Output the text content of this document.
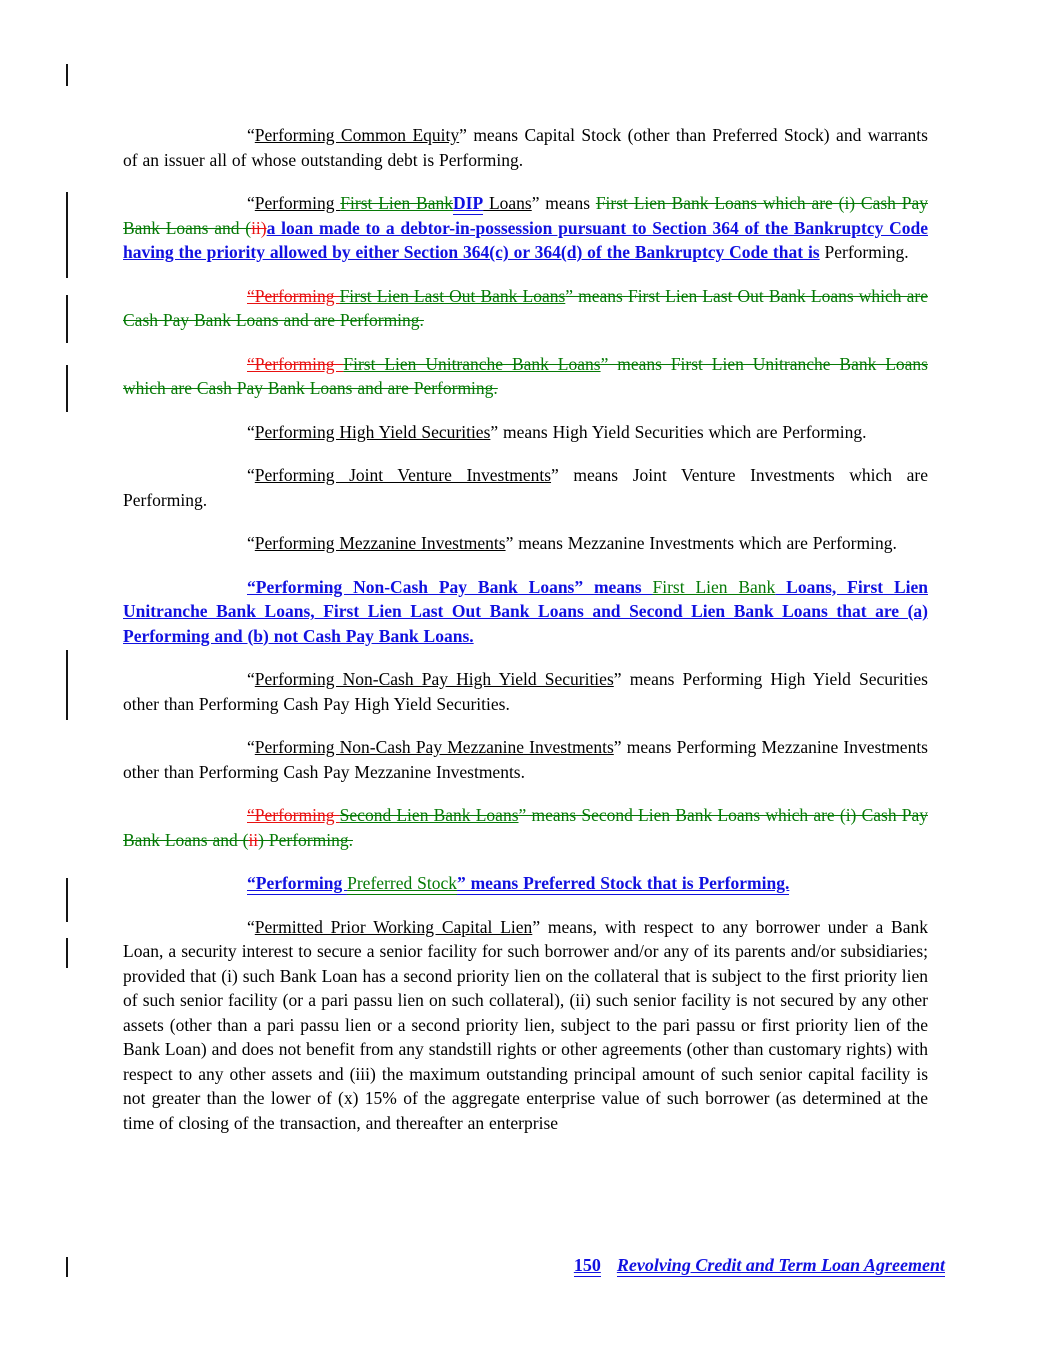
“Performing Common Equity” means Capital Stock (other than Preferred Stock) and warrants of an issuer all of whose outstanding debt is Performing.

“Performing First Lien BankDIP Loans” means First Lien Bank Loans which are (i) Cash Pay Bank Loans and (ii)a loan made to a debtor-in-possession pursuant to Section 364 of the Bankruptcy Code having the priority allowed by either Section 364(c) or 364(d) of the Bankruptcy Code that is Performing.

“Performing First Lien Last Out Bank Loans” means First Lien Last Out Bank Loans which are Cash Pay Bank Loans and are Performing.

“Performing First Lien Unitranche Bank Loans” means First Lien Unitranche Bank Loans which are Cash Pay Bank Loans and are Performing.

“Performing High Yield Securities” means High Yield Securities which are Performing.

“Performing Joint Venture Investments” means Joint Venture Investments which are Performing.

“Performing Mezzanine Investments” means Mezzanine Investments which are Performing.

“Performing Non-Cash Pay Bank Loans” means First Lien Bank Loans, First Lien Unitranche Bank Loans, First Lien Last Out Bank Loans and Second Lien Bank Loans that are (a) Performing and (b) not Cash Pay Bank Loans.

“Performing Non-Cash Pay High Yield Securities” means Performing High Yield Securities other than Performing Cash Pay High Yield Securities.

“Performing Non-Cash Pay Mezzanine Investments” means Performing Mezzanine Investments other than Performing Cash Pay Mezzanine Investments.

“Performing Second Lien Bank Loans” means Second Lien Bank Loans which are (i) Cash Pay Bank Loans and (ii) Performing.

“Performing Preferred Stock” means Preferred Stock that is Performing.

“Permitted Prior Working Capital Lien” means, with respect to any borrower under a Bank Loan, a security interest to secure a senior facility for such borrower and/or any of its parents and/or subsidiaries; provided that (i) such Bank Loan has a second priority lien on the collateral that is subject to the first priority lien of such senior facility (or a pari passu lien on such collateral), (ii) such senior facility is not secured by any other assets (other than a pari passu lien or a second priority lien, subject to the pari passu or first priority lien of the Bank Loan) and does not benefit from any standstill rights or other agreements (other than customary rights) with respect to any other assets and (iii) the maximum outstanding principal amount of such senior capital facility is not greater than the lower of (x) 15% of the aggregate enterprise value of such borrower (as determined at the time of closing of the transaction, and thereafter an enterprise

150 Revolving Credit and Term Loan Agreement
